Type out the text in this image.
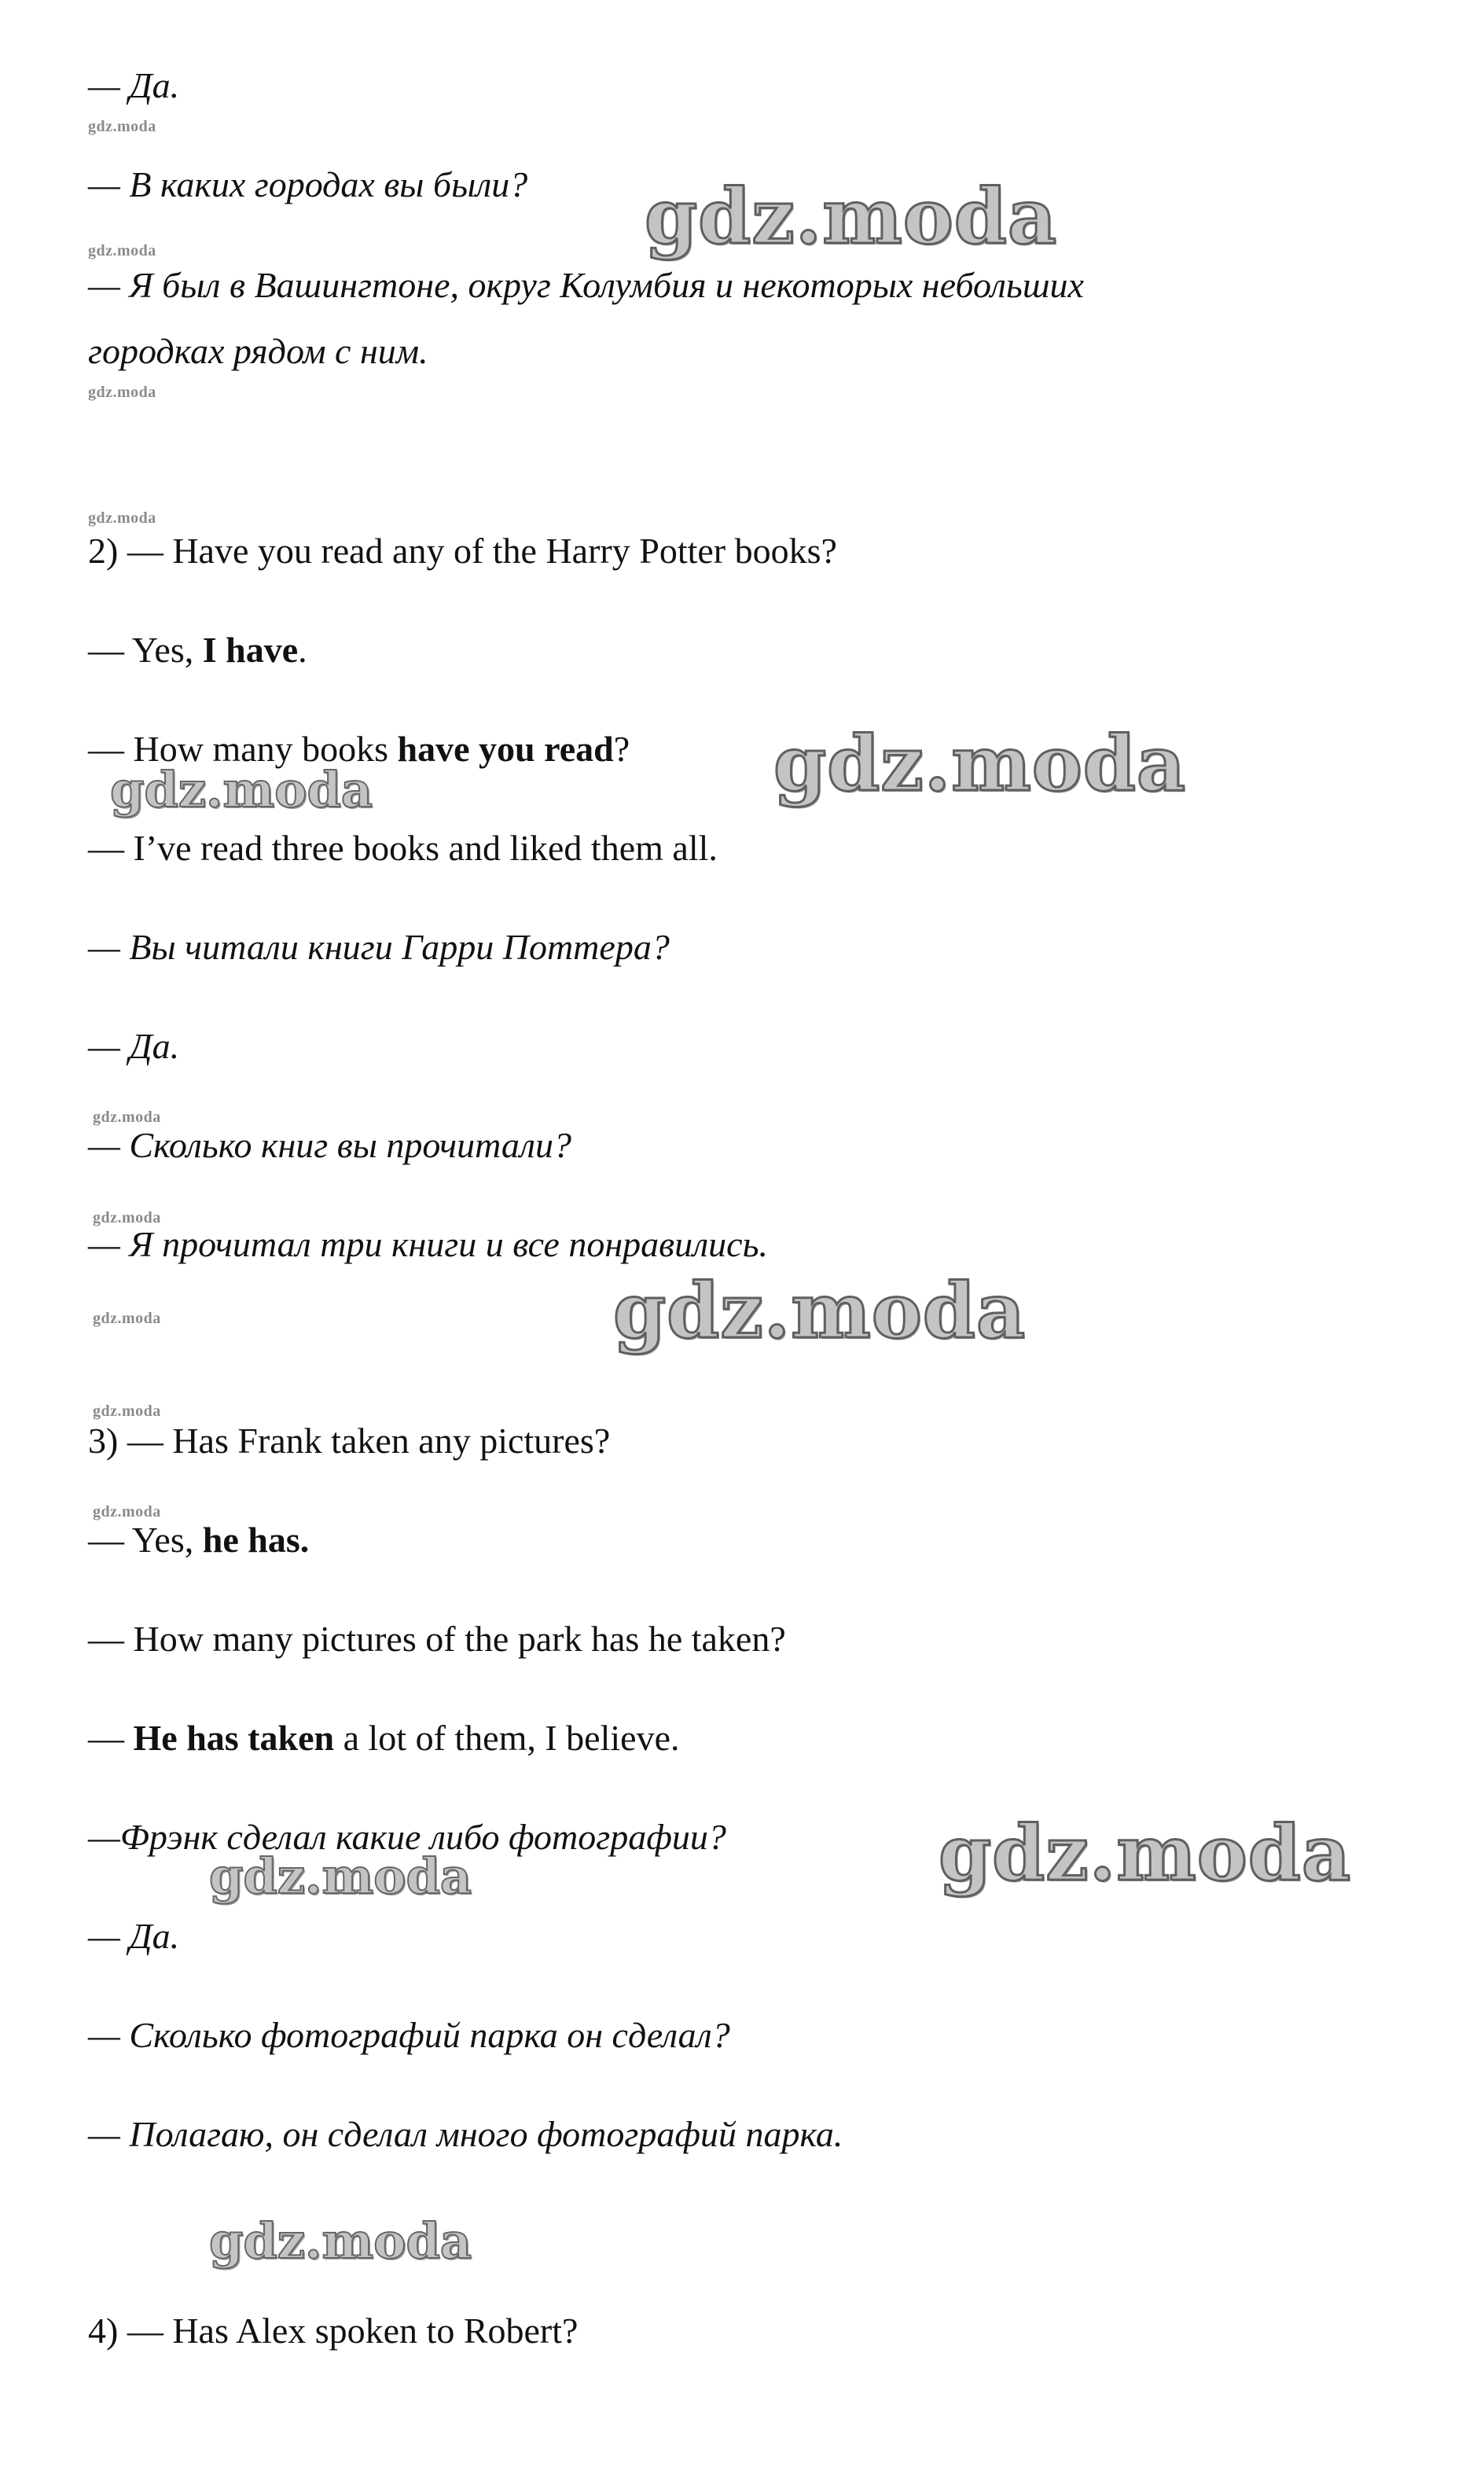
— Да.
— В каких городах вы были?
— Я был в Вашингтоне, округ Колумбия и некоторых небольших
городках рядом с ним.
2) — Have you read any of the Harry Potter books?
— Yes, I have.
— How many books have you read?
— I’ve read three books and liked them all.
— Вы читали книги Гарри Поттера?
— Да.
— Сколько книг вы прочитали?
— Я прочитал три книги и все понравились.
3) — Has Frank taken any pictures?
— Yes, he has.
— How many pictures of the park has he taken?
— He has taken a lot of them, I believe.
—Фрэнк сделал какие либо фотографии?
— Да.
— Сколько фотографий парка он сделал?
— Полагаю, он сделал много фотографий парка.
4) — Has Alex spoken to Robert?
gdz.moda
gdz.moda
gdz.moda
gdz.moda
gdz.moda
gdz.moda
gdz.moda
gdz.moda
gdz.moda
gdz.moda
gdz.moda
gdz.moda
gdz.moda
gdz.moda
gdz.moda
gdz.moda
